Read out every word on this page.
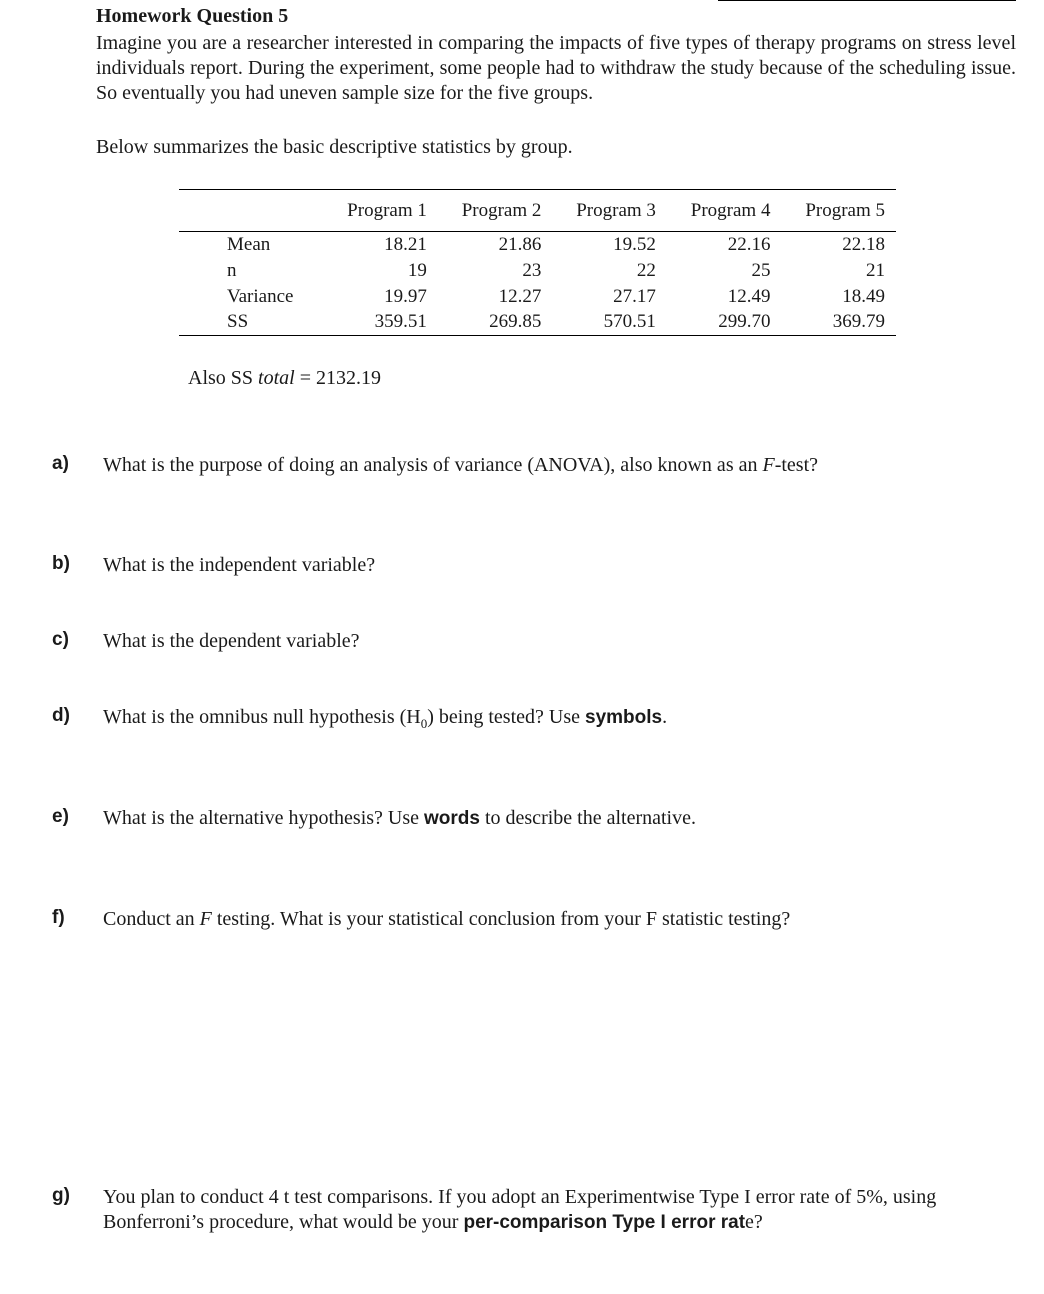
Homework Question 5
Imagine you are a researcher interested in comparing the impacts of five types of therapy programs on stress level individuals report. During the experiment, some people had to withdraw the study because of the scheduling issue. So eventually you had uneven sample size for the five groups.
Below summarizes the basic descriptive statistics by group.
	Program 1	Program 2	Program 3	Program 4	Program 5
Mean	18.21	21.86	19.52	22.16	22.18
n	19	23	22	25	21
Variance	19.97	12.27	27.17	12.49	18.49
SS	359.51	269.85	570.51	299.70	369.79
Also SS total = 2132.19
a)	What is the purpose of doing an analysis of variance (ANOVA), also known as an F-test?
b)	What is the independent variable?
c)	What is the dependent variable?
d)	What is the omnibus null hypothesis $(H_0)$ being tested? Use symbols.
e)	What is the alternative hypothesis? Use words to describe the alternative.
f)	Conduct an F testing. What is your statistical conclusion from your F statistic testing?
g)	You plan to conduct 4 t test comparisons. If you adopt an Experimentwise Type I error rate of 5%, using Bonferroni’s procedure, what would be your per-comparison Type I error rate?
